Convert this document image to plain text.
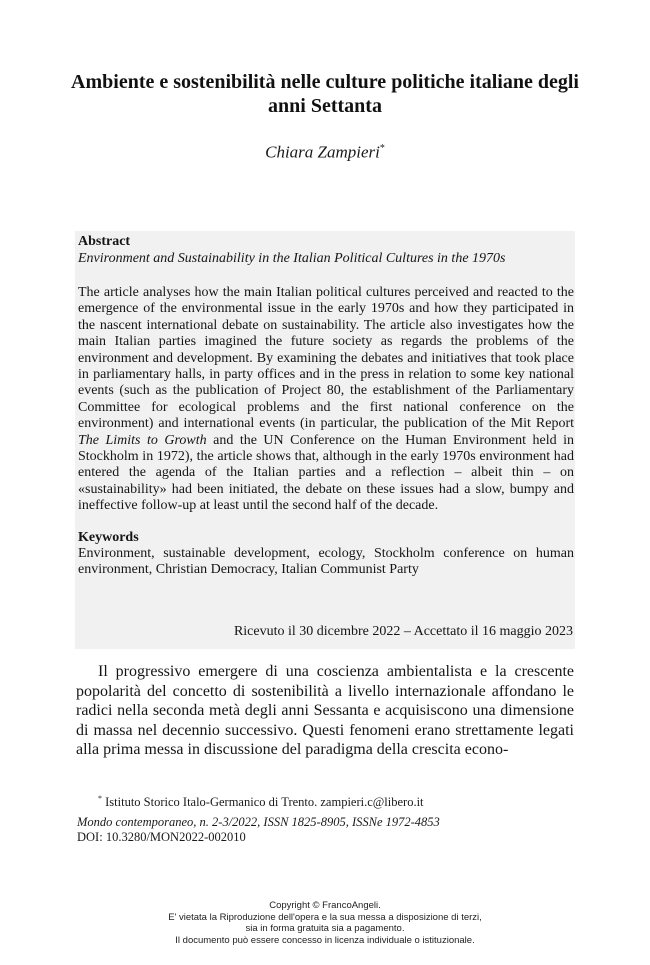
Ambiente e sostenibilità nelle culture politiche italiane degli anni Settanta
Chiara Zampieri*
Abstract
Environment and Sustainability in the Italian Political Cultures in the 1970s
The article analyses how the main Italian political cultures perceived and reacted to the emergence of the environmental issue in the early 1970s and how they participated in the nascent international debate on sustainability. The article also investigates how the main Italian parties imagined the future society as regards the problems of the environment and development. By examining the debates and initiatives that took place in parliamentary halls, in party offices and in the press in relation to some key national events (such as the publication of Project 80, the establishment of the Parliamentary Committee for ecological problems and the first national conference on the environment) and international events (in particular, the publication of the Mit Report The Limits to Growth and the UN Conference on the Human Environment held in Stockholm in 1972), the article shows that, although in the early 1970s environment had entered the agenda of the Italian parties and a reflection – albeit thin – on «sustainability» had been initiated, the debate on these issues had a slow, bumpy and ineffective follow-up at least until the second half of the decade.
Keywords
Environment, sustainable development, ecology, Stockholm conference on human environment, Christian Democracy, Italian Communist Party
Ricevuto il 30 dicembre 2022 – Accettato il 16 maggio 2023
Il progressivo emergere di una coscienza ambientalista e la crescente popolarità del concetto di sostenibilità a livello internazionale affondano le radici nella seconda metà degli anni Sessanta e acquisiscono una dimensione di massa nel decennio successivo. Questi fenomeni erano strettamente legati alla prima messa in discussione del paradigma della crescita econo-
* Istituto Storico Italo-Germanico di Trento. zampieri.c@libero.it
Mondo contemporaneo, n. 2-3/2022, ISSN 1825-8905, ISSNe 1972-4853
DOI: 10.3280/MON2022-002010
Copyright © FrancoAngeli.
E' vietata la Riproduzione dell'opera e la sua messa a disposizione di terzi,
sia in forma gratuita sia a pagamento.
Il documento può essere concesso in licenza individuale o istituzionale.
